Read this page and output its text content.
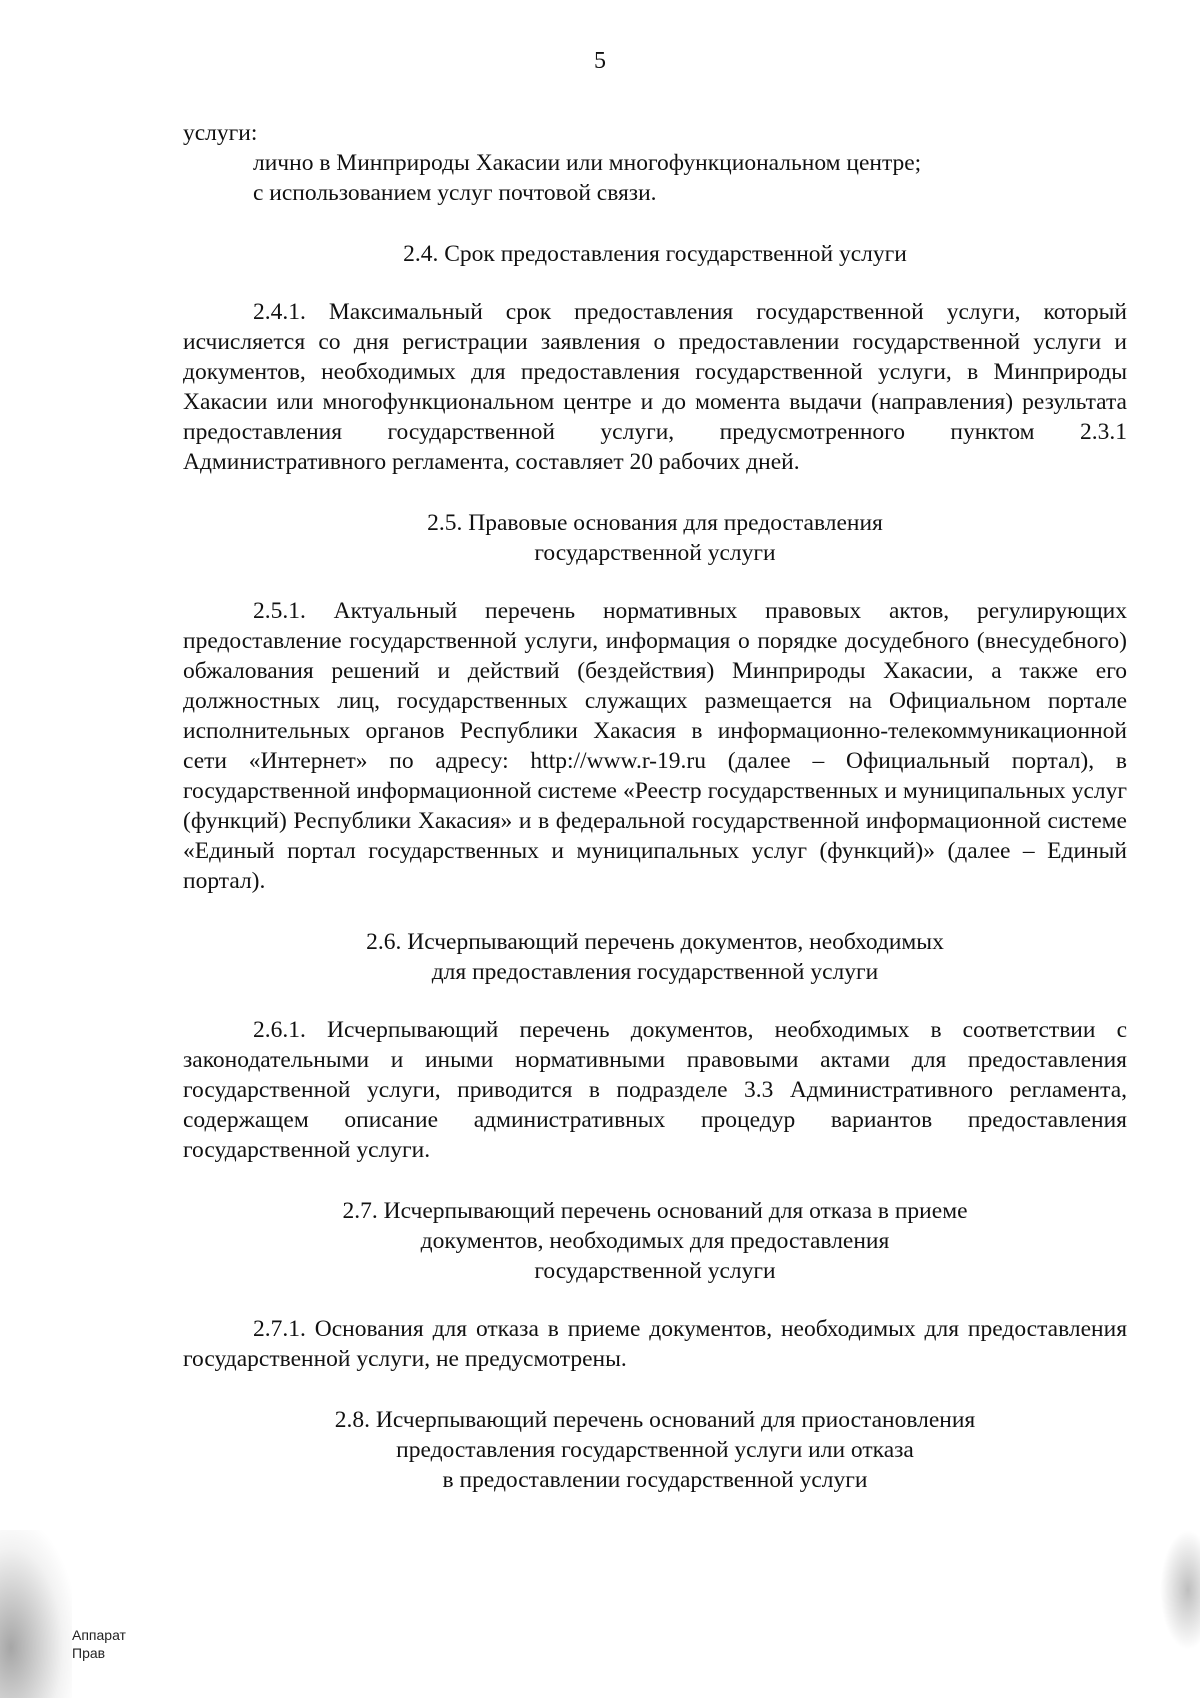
5

услуги:

лично в Минприроды Хакасии или многофункциональном центре;

с использованием услуг почтовой связи.

2.4. Срок предоставления государственной услуги

2.4.1. Максимальный срок предоставления государственной услуги, который исчисляется со дня регистрации заявления о предоставлении государственной услуги и документов, необходимых для предоставления государственной услуги, в Минприроды Хакасии или многофункциональном центре и до момента выдачи (направления) результата предоставления государственной услуги, предусмотренного пунктом 2.3.1 Административного регламента, составляет 20 рабочих дней.

2.5. Правовые основания для предоставления
государственной услуги

2.5.1. Актуальный перечень нормативных правовых актов, регулирующих предоставление государственной услуги, информация о порядке досудебного (внесудебного) обжалования решений и действий (бездействия) Минприроды Хакасии, а также его должностных лиц, государственных служащих размещается на Официальном портале исполнительных органов Республики Хакасия в информационно-телекоммуникационной сети «Интернет» по адресу: http://www.r-19.ru (далее – Официальный портал), в государственной информационной системе «Реестр государственных и муниципальных услуг (функций) Республики Хакасия» и в федеральной государственной информационной системе «Единый портал государственных и муниципальных услуг (функций)» (далее – Единый портал).

2.6. Исчерпывающий перечень документов, необходимых
для предоставления государственной услуги

2.6.1. Исчерпывающий перечень документов, необходимых в соответствии с законодательными и иными нормативными правовыми актами для предоставления государственной услуги, приводится в подразделе 3.3 Административного регламента, содержащем описание административных процедур вариантов предоставления государственной услуги.

2.7. Исчерпывающий перечень оснований для отказа в приеме
документов, необходимых для предоставления
государственной услуги

2.7.1. Основания для отказа в приеме документов, необходимых для предоставления государственной услуги, не предусмотрены.

2.8. Исчерпывающий перечень оснований для приостановления
предоставления государственной услуги или отказа
в предоставлении государственной услуги
Аппарат
Прав
